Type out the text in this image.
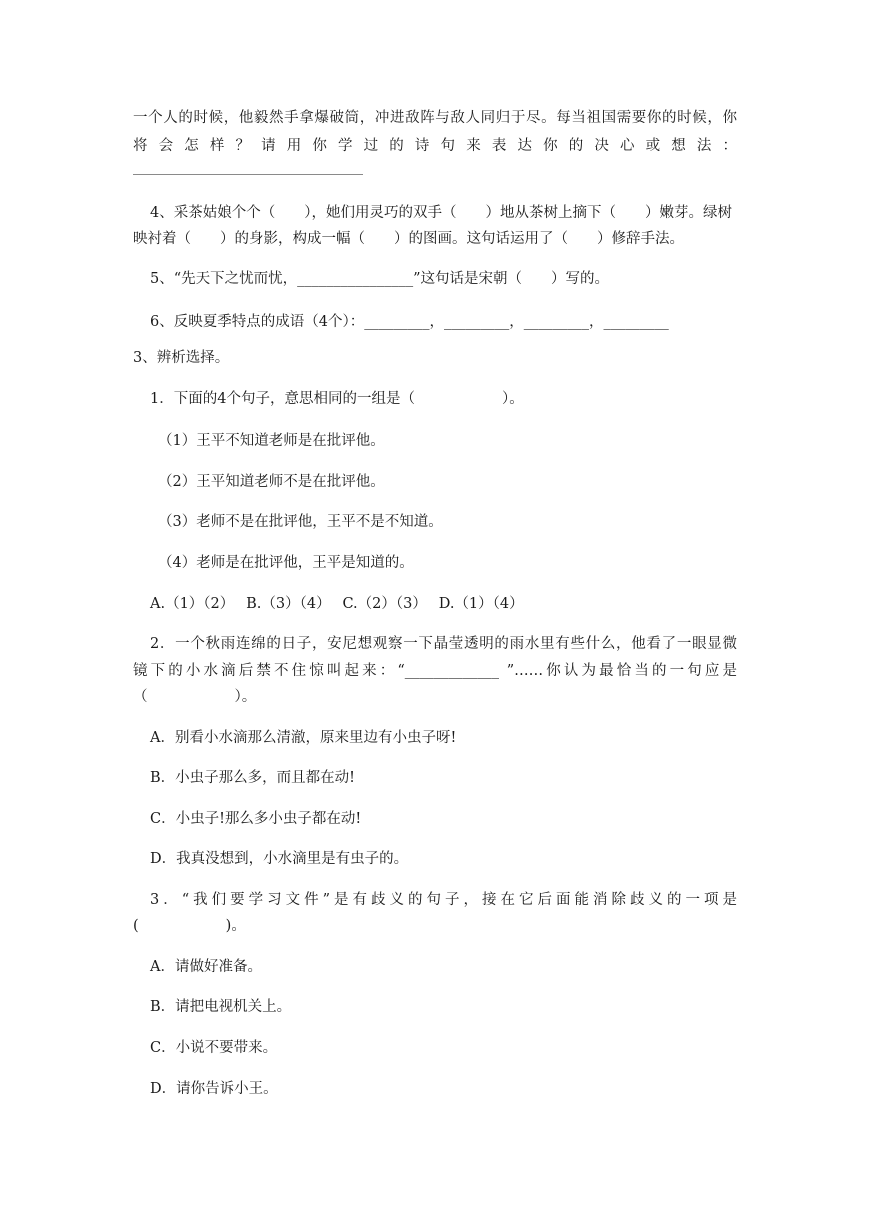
一个人的时候，他毅然手拿爆破筒，冲进敌阵与敌人同归于尽。每当祖国需要你的时候，你
将 会 怎 样 ？ 请 用 你 学 过 的 诗 句 来 表 达 你 的 决 心 或 想 法 ：
4、采茶姑娘个个（　　），她们用灵巧的双手（　　）地从茶树上摘下（　　）嫩芽。绿树
映衬着（　　）的身影，构成一幅（　　）的图画。这句话运用了（　　）修辞手法。
5、“先天下之忧而忧，________________”这句话是宋朝（　　）写的。
6、反映夏季特点的成语（4个）：_________，_________，_________，_________
3、辨析选择。
1．下面的4个句子，意思相同的一组是（　　　　　　）。
（1）王平不知道老师是在批评他。
（2）王平知道老师不是在批评他。
（3）老师不是在批评他，王平不是不知道。
（4）老师是在批评他，王平是知道的。
A.（1）（2）　 B.（3）（4）　 C.（2）（3）　 D.（1）（4）
2．一个秋雨连绵的日子，安尼想观察一下晶莹透明的雨水里有些什么，他看了一眼显微
镜下的小水滴后禁不住惊叫起来：“_____________ ”……你认为最恰当的一句应是
（　　　　　　）。
A．别看小水滴那么清澈，原来里边有小虫子呀!
B．小虫子那么多，而且都在动!
C．小虫子!那么多小虫子都在动!
D．我真没想到，小水滴里是有虫子的。
3．“我们要学习文件”是有歧义的句子，接在它后面能消除歧义的一项是
(　　　　　　)。
A．请做好准备。
B．请把电视机关上。
C．小说不要带来。
D．请你告诉小王。
